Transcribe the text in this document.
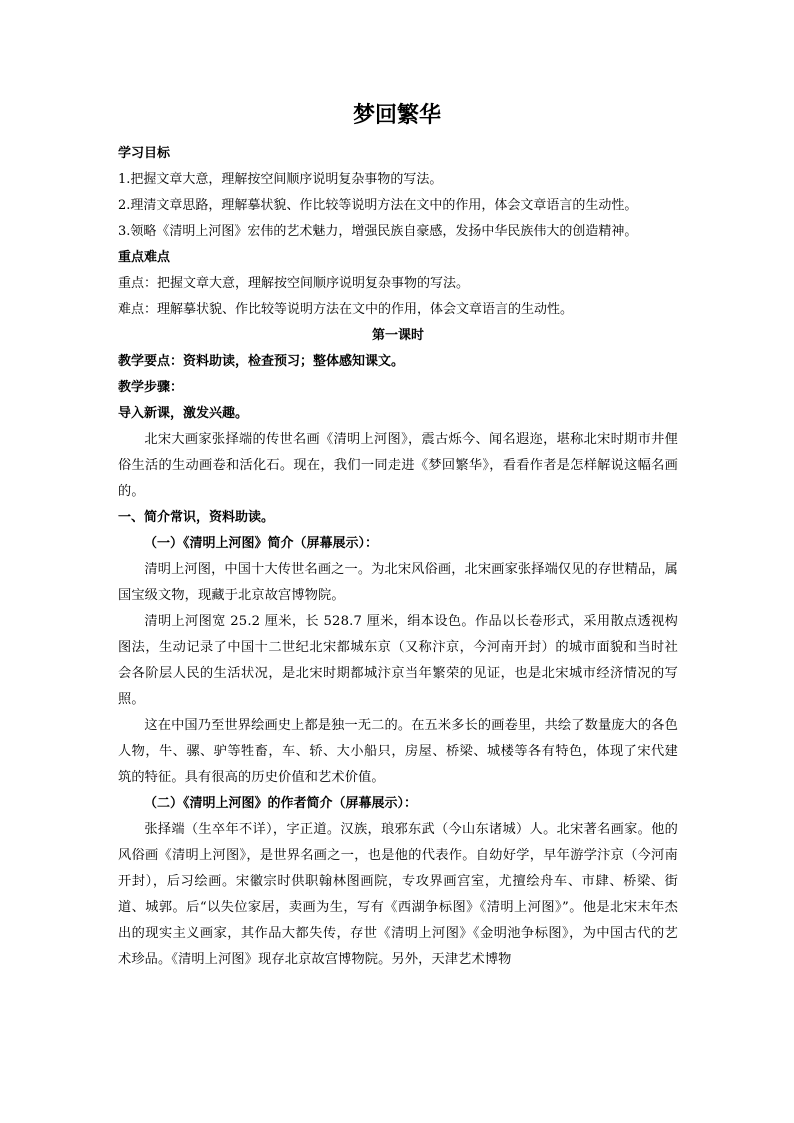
梦回繁华
学习目标
1.把握文章大意，理解按空间顺序说明复杂事物的写法。
2.理清文章思路，理解摹状貌、作比较等说明方法在文中的作用，体会文章语言的生动性。
3.领略《清明上河图》宏伟的艺术魅力，增强民族自豪感，发扬中华民族伟大的创造精神。
重点难点
重点：把握文章大意，理解按空间顺序说明复杂事物的写法。
难点：理解摹状貌、作比较等说明方法在文中的作用，体会文章语言的生动性。
第一课时
教学要点：资料助读，检查预习；整体感知课文。
教学步骤：
导入新课，激发兴趣。
北宋大画家张择端的传世名画《清明上河图》，震古烁今、闻名遐迩，堪称北宋时期市井俚俗生活的生动画卷和活化石。现在，我们一同走进《梦回繁华》，看看作者是怎样解说这幅名画的。
一、简介常识，资料助读。
（一）《清明上河图》简介（屏幕展示）：
清明上河图，中国十大传世名画之一。为北宋风俗画，北宋画家张择端仅见的存世精品，属国宝级文物，现藏于北京故宫博物院。
清明上河图宽 25.2 厘米，长 528.7 厘米，绢本设色。作品以长卷形式，采用散点透视构图法，生动记录了中国十二世纪北宋都城东京（又称汴京，今河南开封）的城市面貌和当时社会各阶层人民的生活状况，是北宋时期都城汴京当年繁荣的见证，也是北宋城市经济情况的写照。
这在中国乃至世界绘画史上都是独一无二的。在五米多长的画卷里，共绘了数量庞大的各色人物，牛、骡、驴等牲畜，车、轿、大小船只，房屋、桥梁、城楼等各有特色，体现了宋代建筑的特征。具有很高的历史价值和艺术价值。
（二）《清明上河图》的作者简介（屏幕展示）：
张择端（生卒年不详），字正道。汉族，琅邪东武（今山东诸城）人。北宋著名画家。他的风俗画《清明上河图》，是世界名画之一，也是他的代表作。自幼好学，早年游学汴京（今河南开封），后习绘画。宋徽宗时供职翰林图画院，专攻界画宫室，尤擅绘舟车、市肆、桥梁、街道、城郭。后“以失位家居，卖画为生，写有《西湖争标图》《清明上河图》”。他是北宋末年杰出的现实主义画家，其作品大都失传，存世《清明上河图》《金明池争标图》，为中国古代的艺术珍品。《清明上河图》现存北京故宫博物院。另外，天津艺术博物
